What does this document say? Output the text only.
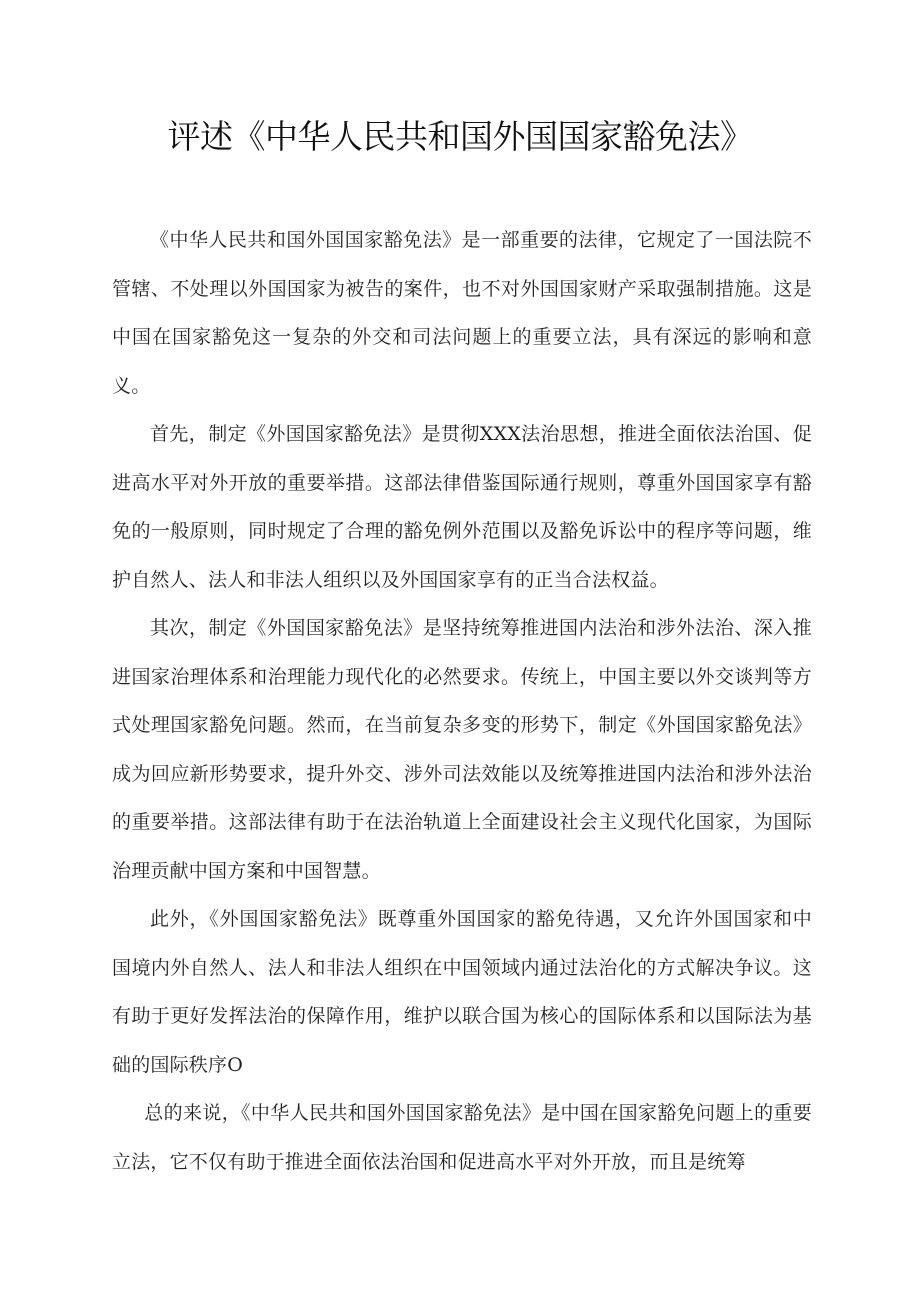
评述《中华人民共和国外国国家豁免法》

《中华人民共和国外国国家豁免法》是一部重要的法律，它规定了一国法院不管辖、不处理以外国国家为被告的案件，也不对外国国家财产采取强制措施。这是中国在国家豁免这一复杂的外交和司法问题上的重要立法，具有深远的影响和意义。

首先，制定《外国国家豁免法》是贯彻XXX法治思想，推进全面依法治国、促进高水平对外开放的重要举措。这部法律借鉴国际通行规则，尊重外国国家享有豁免的一般原则，同时规定了合理的豁免例外范围以及豁免诉讼中的程序等问题，维护自然人、法人和非法人组织以及外国国家享有的正当合法权益。

其次，制定《外国国家豁免法》是坚持统筹推进国内法治和涉外法治、深入推进国家治理体系和治理能力现代化的必然要求。传统上，中国主要以外交谈判等方式处理国家豁免问题。然而，在当前复杂多变的形势下，制定《外国国家豁免法》成为回应新形势要求，提升外交、涉外司法效能以及统筹推进国内法治和涉外法治的重要举措。这部法律有助于在法治轨道上全面建设社会主义现代化国家，为国际治理贡献中国方案和中国智慧。

此外，《外国国家豁免法》既尊重外国国家的豁免待遇，又允许外国国家和中国境内外自然人、法人和非法人组织在中国领域内通过法治化的方式解决争议。这有助于更好发挥法治的保障作用，维护以联合国为核心的国际体系和以国际法为基础的国际秩序O

总的来说，《中华人民共和国外国国家豁免法》是中国在国家豁免问题上的重要立法，它不仅有助于推进全面依法治国和促进高水平对外开放，而且是统筹
